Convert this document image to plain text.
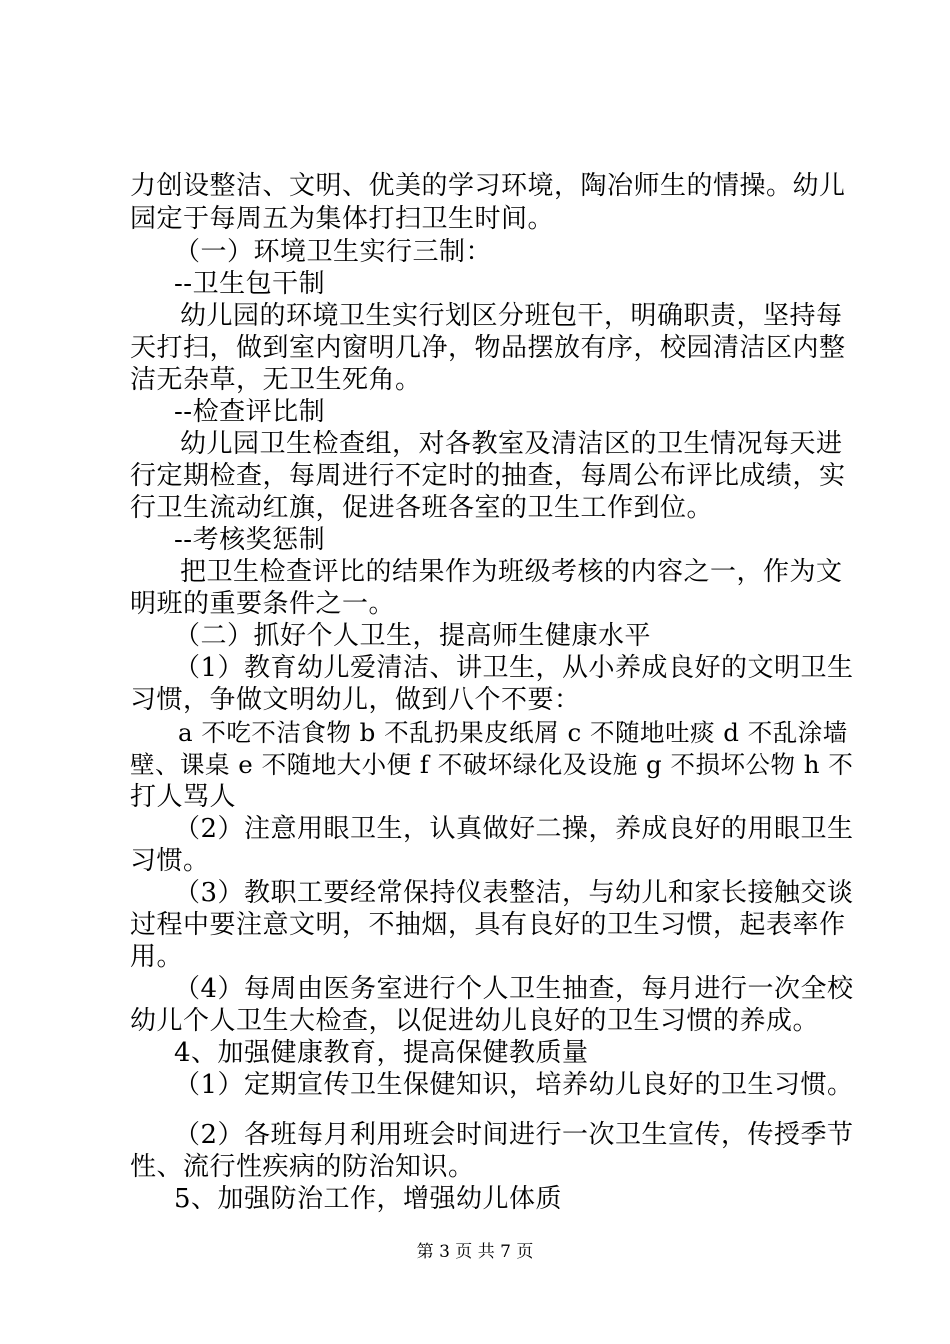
力创设整洁、文明、优美的学习环境，陶冶师生的情操。幼儿
园定于每周五为集体打扫卫生时间。
（一）环境卫生实行三制：
--卫生包干制
幼儿园的环境卫生实行划区分班包干，明确职责，坚持每
天打扫，做到室内窗明几净，物品摆放有序，校园清洁区内整
洁无杂草，无卫生死角。
--检查评比制
幼儿园卫生检查组，对各教室及清洁区的卫生情况每天进
行定期检查，每周进行不定时的抽查，每周公布评比成绩，实
行卫生流动红旗，促进各班各室的卫生工作到位。
--考核奖惩制
把卫生检查评比的结果作为班级考核的内容之一，作为文
明班的重要条件之一。
（二）抓好个人卫生，提高师生健康水平
（1）教育幼儿爱清洁、讲卫生，从小养成良好的文明卫生
习惯，争做文明幼儿，做到八个不要：
a 不吃不洁食物 b 不乱扔果皮纸屑 c 不随地吐痰 d 不乱涂墙
壁、课桌 e 不随地大小便 f 不破坏绿化及设施 g 不损坏公物 h 不
打人骂人
（2）注意用眼卫生，认真做好二操，养成良好的用眼卫生
习惯。
（3）教职工要经常保持仪表整洁，与幼儿和家长接触交谈
过程中要注意文明，不抽烟，具有良好的卫生习惯，起表率作
用。
（4）每周由医务室进行个人卫生抽查，每月进行一次全校
幼儿个人卫生大检查，以促进幼儿良好的卫生习惯的养成。
4、加强健康教育，提高保健教质量
（1）定期宣传卫生保健知识，培养幼儿良好的卫生习惯。
（2）各班每月利用班会时间进行一次卫生宣传，传授季节
性、流行性疾病的防治知识。
5、加强防治工作，增强幼儿体质
第 3 页 共 7 页
